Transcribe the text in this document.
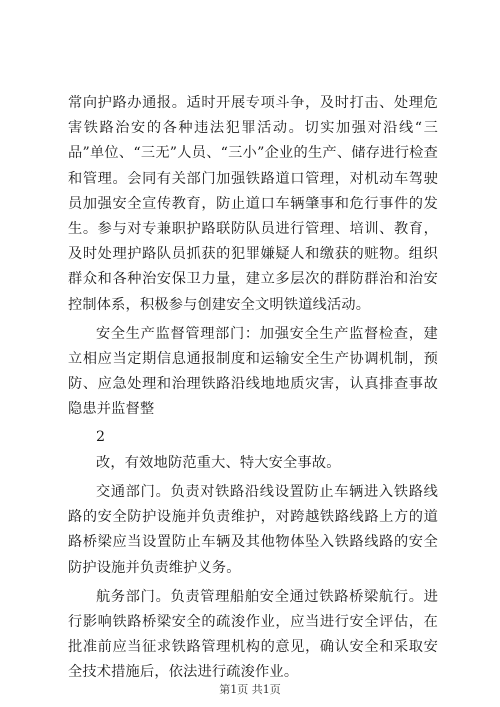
常向护路办通报。适时开展专项斗争，及时打击、处理危害铁路治安的各种违法犯罪活动。切实加强对沿线“三品”单位、“三无”人员、“三小”企业的生产、储存进行检查和管理。会同有关部门加强铁路道口管理，对机动车驾驶员加强安全宣传教育，防止道口车辆肇事和危行事件的发生。参与对专兼职护路联防队员进行管理、培训、教育，及时处理护路队员抓获的犯罪嫌疑人和缴获的赃物。组织群众和各种治安保卫力量，建立多层次的群防群治和治安控制体系，积极参与创建安全文明铁道线活动。

安全生产监督管理部门：加强安全生产监督检查，建立相应当定期信息通报制度和运输安全生产协调机制，预防、应急处理和治理铁路沿线地地质灾害，认真排查事故隐患并监督整

2

改，有效地防范重大、特大安全事故。

交通部门。负责对铁路沿线设置防止车辆进入铁路线路的安全防护设施并负责维护，对跨越铁路线路上方的道路桥梁应当设置防止车辆及其他物体坠入铁路线路的安全防护设施并负责维护义务。

航务部门。负责管理船舶安全通过铁路桥梁航行。进行影响铁路桥梁安全的疏浚作业，应当进行安全评估，在批准前应当征求铁路管理机构的意见，确认安全和采取安全技术措施后，依法进行疏浚作业。

第1页 共1页
